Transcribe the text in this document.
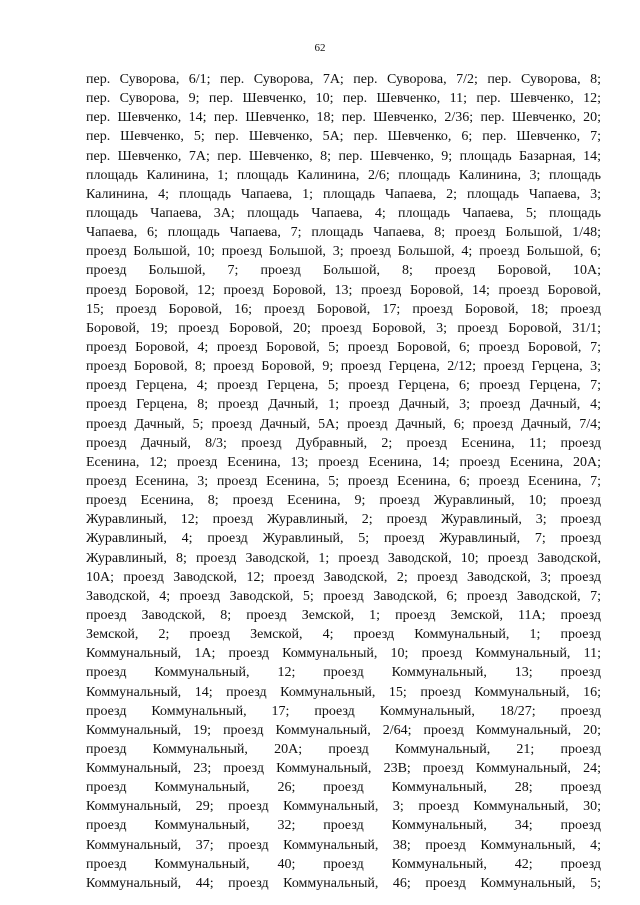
62
пер. Суворова, 6/1; пер. Суворова, 7А; пер. Суворова, 7/2; пер. Суворова, 8;
пер. Суворова, 9; пер. Шевченко, 10; пер. Шевченко, 11; пер. Шевченко, 12;
пер. Шевченко, 14; пер. Шевченко, 18; пер. Шевченко, 2/36; пер. Шевченко, 20;
пер. Шевченко, 5; пер. Шевченко, 5А; пер. Шевченко, 6; пер. Шевченко, 7;
пер. Шевченко, 7А; пер. Шевченко, 8; пер. Шевченко, 9; площадь Базарная, 14;
площадь Калинина, 1; площадь Калинина, 2/6; площадь Калинина, 3; площадь
Калинина, 4; площадь Чапаева, 1; площадь Чапаева, 2; площадь Чапаева, 3;
площадь Чапаева, 3А; площадь Чапаева, 4; площадь Чапаева, 5; площадь
Чапаева, 6; площадь Чапаева, 7; площадь Чапаева, 8; проезд Большой, 1/48;
проезд Большой, 10; проезд Большой, 3; проезд Большой, 4; проезд Большой, 6;
проезд Большой, 7; проезд Большой, 8; проезд Боровой, 10А;
проезд Боровой, 12; проезд Боровой, 13; проезд Боровой, 14; проезд Боровой,
15; проезд Боровой, 16; проезд Боровой, 17; проезд Боровой, 18; проезд
Боровой, 19; проезд Боровой, 20; проезд Боровой, 3; проезд Боровой, 31/1;
проезд Боровой, 4; проезд Боровой, 5; проезд Боровой, 6; проезд Боровой, 7;
проезд Боровой, 8; проезд Боровой, 9; проезд Герцена, 2/12; проезд Герцена, 3;
проезд Герцена, 4; проезд Герцена, 5; проезд Герцена, 6; проезд Герцена, 7;
проезд Герцена, 8; проезд Дачный, 1; проезд Дачный, 3; проезд Дачный, 4;
проезд Дачный, 5; проезд Дачный, 5А; проезд Дачный, 6; проезд Дачный, 7/4;
проезд Дачный, 8/3; проезд Дубравный, 2; проезд Есенина, 11; проезд
Есенина, 12; проезд Есенина, 13; проезд Есенина, 14; проезд Есенина, 20А;
проезд Есенина, 3; проезд Есенина, 5; проезд Есенина, 6; проезд Есенина, 7;
проезд Есенина, 8; проезд Есенина, 9; проезд Журавлиный, 10; проезд
Журавлиный, 12; проезд Журавлиный, 2; проезд Журавлиный, 3; проезд
Журавлиный, 4; проезд Журавлиный, 5; проезд Журавлиный, 7; проезд
Журавлиный, 8; проезд Заводской, 1; проезд Заводской, 10; проезд Заводской,
10А; проезд Заводской, 12; проезд Заводской, 2; проезд Заводской, 3; проезд
Заводской, 4; проезд Заводской, 5; проезд Заводской, 6; проезд Заводской, 7;
проезд Заводской, 8; проезд Земской, 1; проезд Земской, 11А; проезд
Земской, 2; проезд Земской, 4; проезд Коммунальный, 1; проезд
Коммунальный, 1А; проезд Коммунальный, 10; проезд Коммунальный, 11;
проезд Коммунальный, 12; проезд Коммунальный, 13; проезд
Коммунальный, 14; проезд Коммунальный, 15; проезд Коммунальный, 16;
проезд Коммунальный, 17; проезд Коммунальный, 18/27; проезд
Коммунальный, 19; проезд Коммунальный, 2/64; проезд Коммунальный, 20;
проезд Коммунальный, 20А; проезд Коммунальный, 21; проезд
Коммунальный, 23; проезд Коммунальный, 23В; проезд Коммунальный, 24;
проезд Коммунальный, 26; проезд Коммунальный, 28; проезд
Коммунальный, 29; проезд Коммунальный, 3; проезд Коммунальный, 30;
проезд Коммунальный, 32; проезд Коммунальный, 34; проезд
Коммунальный, 37; проезд Коммунальный, 38; проезд Коммунальный, 4;
проезд Коммунальный, 40; проезд Коммунальный, 42; проезд
Коммунальный, 44; проезд Коммунальный, 46; проезд Коммунальный, 5;
